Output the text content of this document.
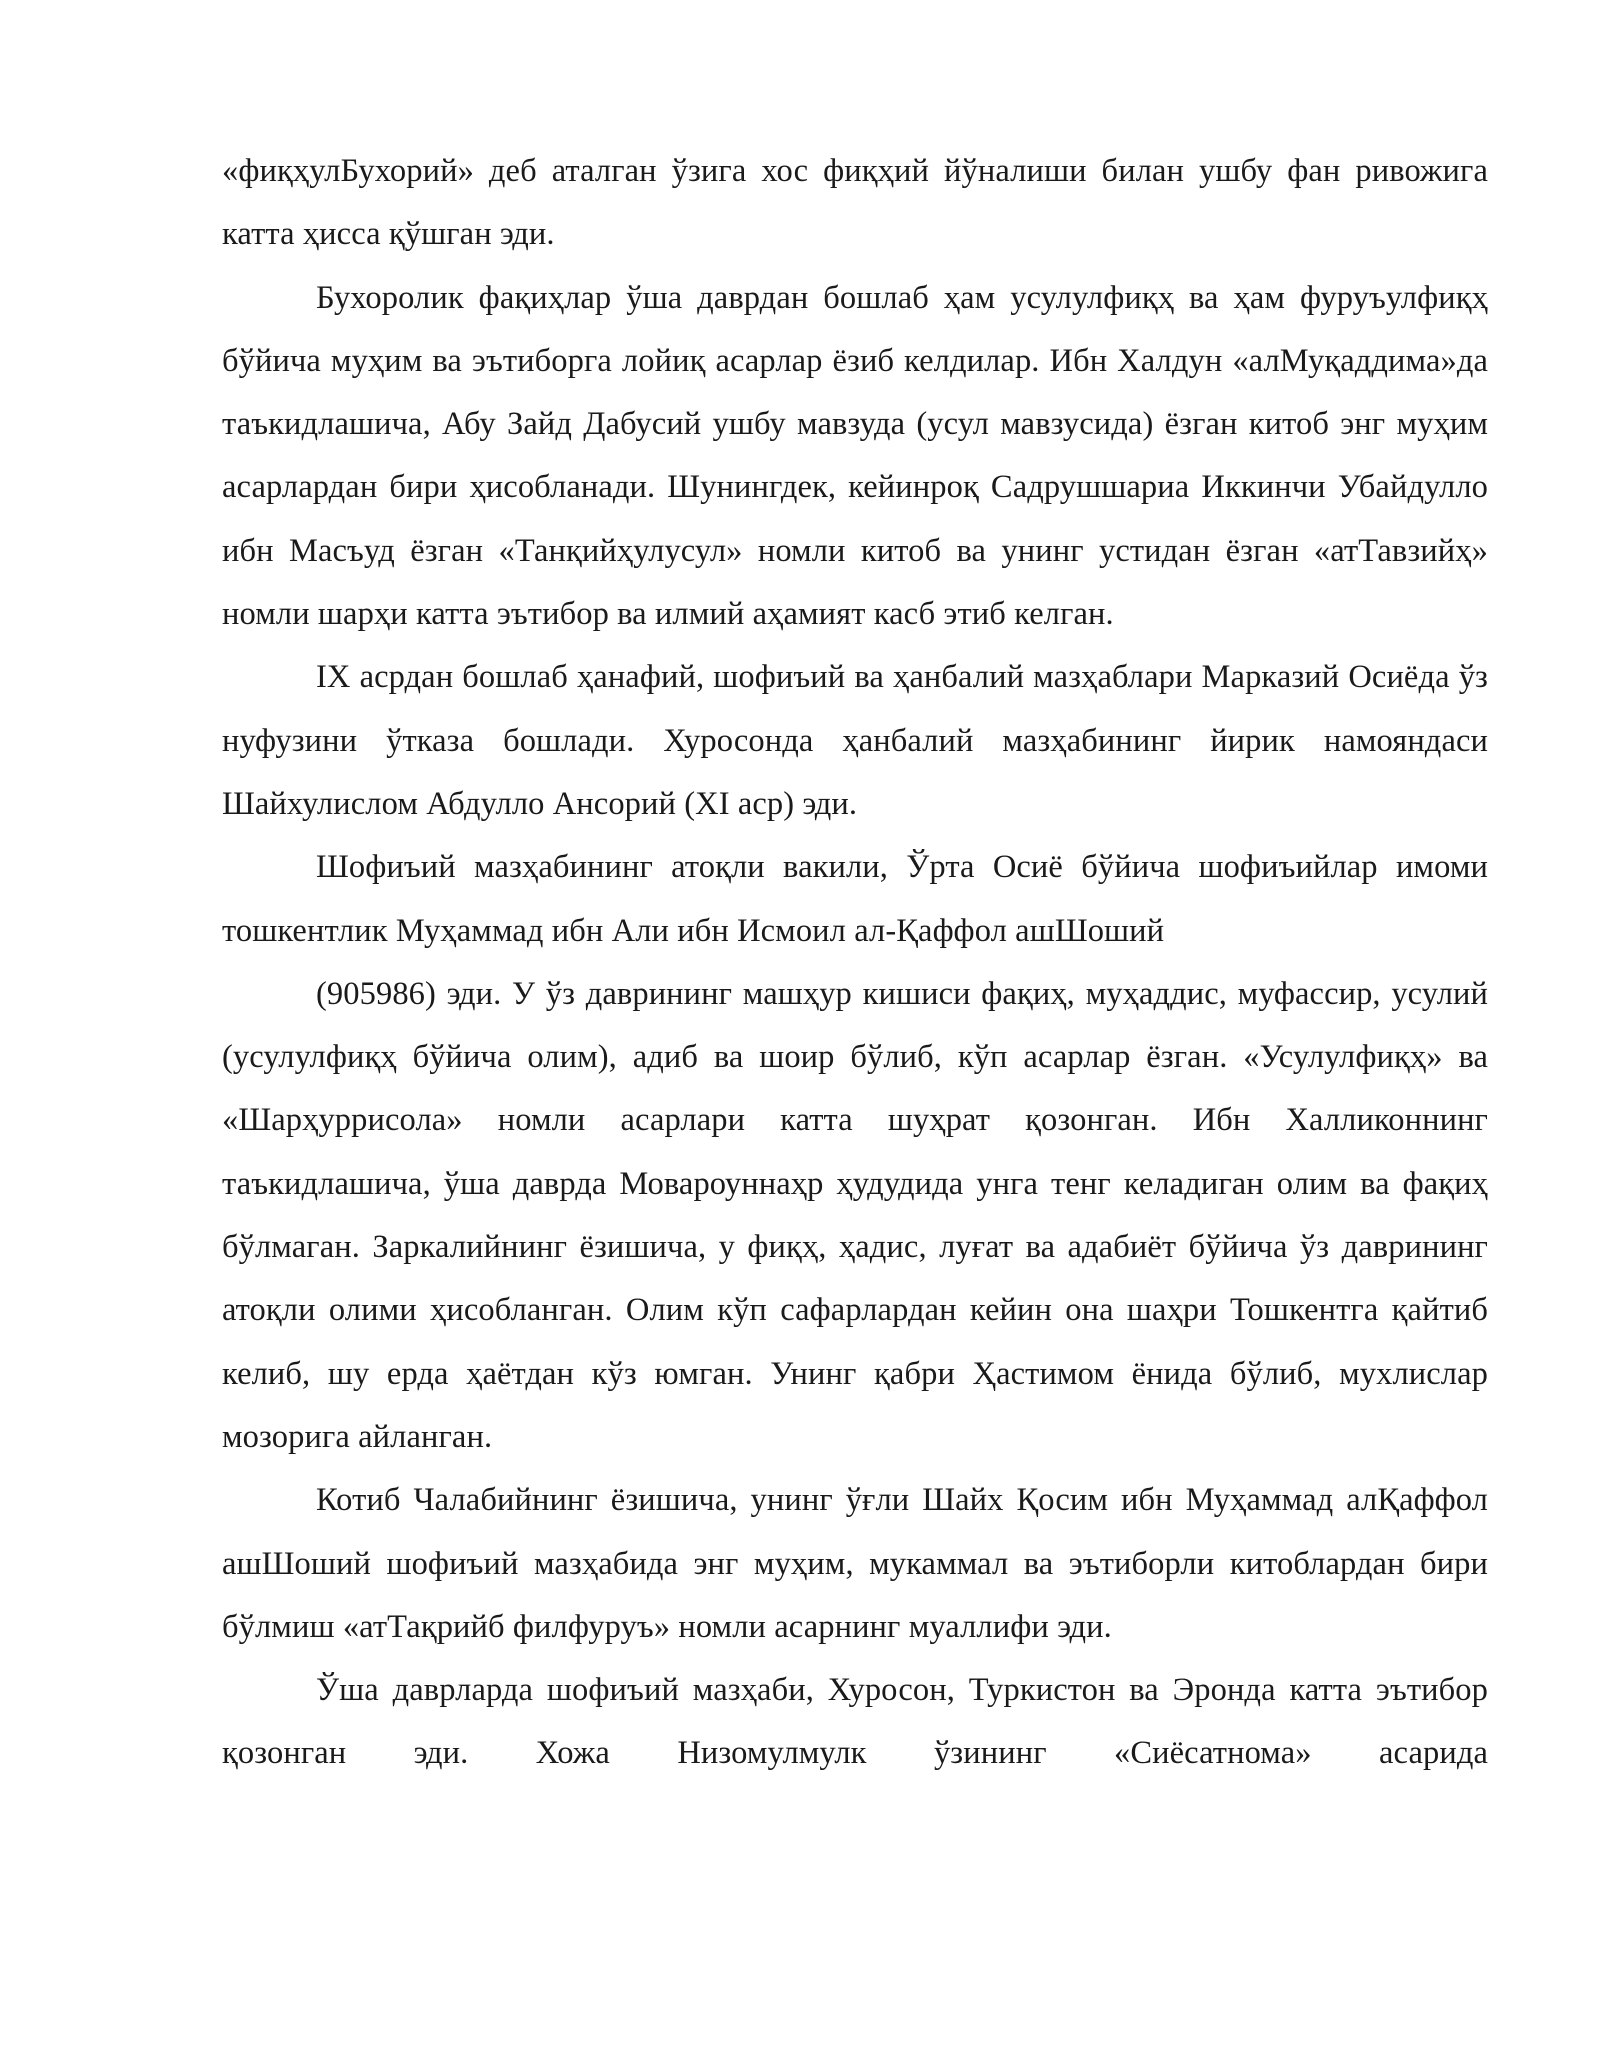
«фиқҳулБухорий» деб аталган ўзига хос фиқҳий йўналиши билан ушбу фан ривожига катта ҳисса қўшган эди.

Бухоролик фақиҳлар ўша даврдан бошлаб ҳам усулулфиқҳ ва ҳам фуруъулфиқҳ бўйича муҳим ва эътиборга лойиқ асарлар ёзиб келдилар. Ибн Халдун «алМуқаддима»да таъкидлашича, Абу Зайд Дабусий ушбу мавзуда (усул мавзусида) ёзган китоб энг муҳим асарлардан бири ҳисобланади. Шунингдек, кейинроқ Садрушшариа Иккинчи Убайдулло ибн Масъуд ёзган «Танқийҳулусул» номли китоб ва унинг устидан ёзган «атТавзийҳ» номли шарҳи катта эътибор ва илмий аҳамият касб этиб келган.

IX асрдан бошлаб ҳанафий, шофиъий ва ҳанбалий мазҳаблари Марказий Осиёда ўз нуфузини ўтказа бошлади. Хуросонда ҳанбалий мазҳабининг йирик намояндаси Шайхулислом Абдулло Ансорий (XI аср) эди.

Шофиъий мазҳабининг атоқли вакили, Ўрта Осиё бўйича шофиъийлар имоми тошкентлик Муҳаммад ибн Али ибн Исмоил ал-Қаффол ашШоший

(905986) эди. У ўз даврининг машҳур кишиси фақиҳ, муҳаддис, муфассир, усулий (усулулфиқҳ бўйича олим), адиб ва шоир бўлиб, кўп асарлар ёзган. «Усулулфиқҳ» ва «Шарҳуррисола» номли асарлари катта шуҳрат қозонган. Ибн Халликоннинг таъкидлашича, ўша даврда Мовароуннаҳр ҳудудида унга тенг келадиган олим ва фақиҳ бўлмаган. Заркалийнинг ёзишича, у фиқҳ, ҳадис, луғат ва адабиёт бўйича ўз даврининг атоқли олими ҳисобланган. Олим кўп сафарлардан кейин она шаҳри Тошкентга қайтиб келиб, шу ерда ҳаётдан кўз юмган. Унинг қабри Ҳастимом ёнида бўлиб, мухлислар мозорига айланган.

Котиб Чалабийнинг ёзишича, унинг ўғли Шайх Қосим ибн Муҳаммад алҚаффол ашШоший шофиъий мазҳабида энг муҳим, мукаммал ва эътиборли китоблардан бири бўлмиш «атТақрийб филфуруъ» номли асарнинг муаллифи эди.

Ўша даврларда шофиъий мазҳаби, Хуросон, Туркистон ва Эронда катта эътибор қозонган эди. Хожа Низомулмулк ўзининг «Сиёсатнома» асарида
